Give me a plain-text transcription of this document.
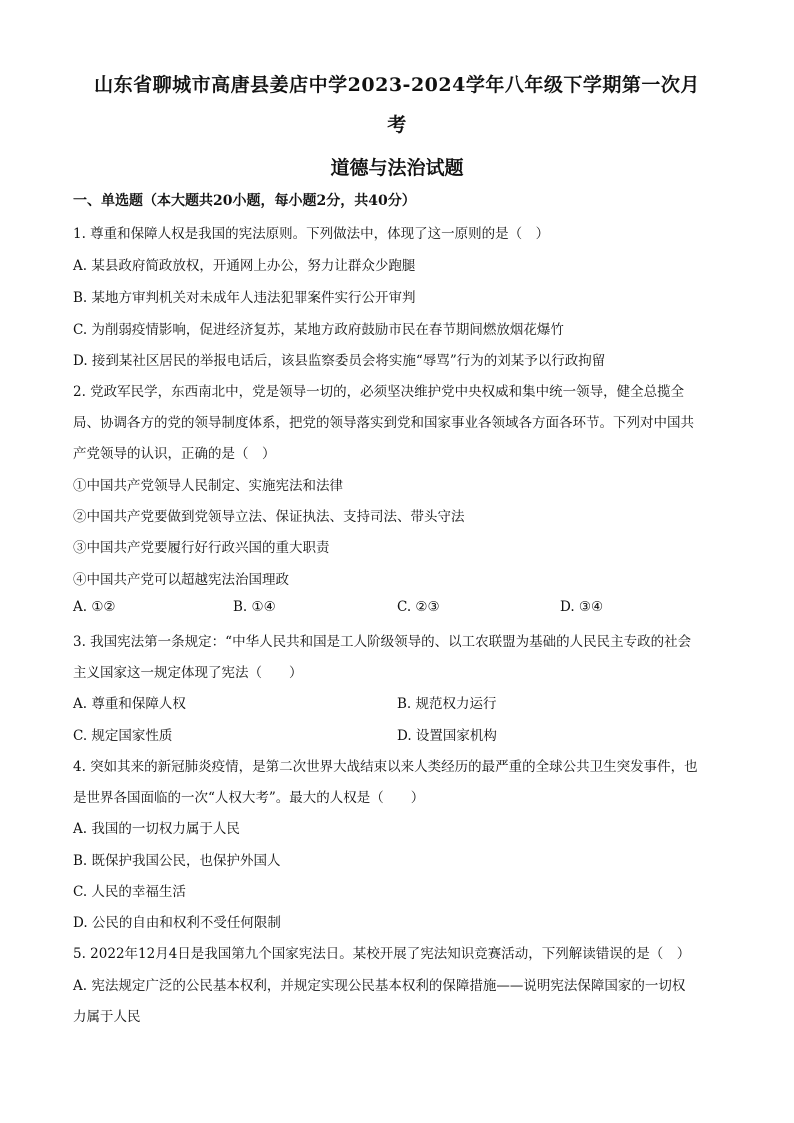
山东省聊城市高唐县姜店中学2023-2024学年八年级下学期第一次月
考
道德与法治试题
一、单选题（本大题共20小题，每小题2分，共40分）
1. 尊重和保障人权是我国的宪法原则。下列做法中，体现了这一原则的是（　）
A. 某县政府简政放权，开通网上办公，努力让群众少跑腿
B. 某地方审判机关对未成年人违法犯罪案件实行公开审判
C. 为削弱疫情影响，促进经济复苏，某地方政府鼓励市民在春节期间燃放烟花爆竹
D. 接到某社区居民的举报电话后，该县监察委员会将实施“辱骂”行为的刘某予以行政拘留
2. 党政军民学，东西南北中，党是领导一切的，必须坚决维护党中央权威和集中统一领导，健全总揽全
局、协调各方的党的领导制度体系，把党的领导落实到党和国家事业各领域各方面各环节。下列对中国共
产党领导的认识，正确的是（　）
①中国共产党领导人民制定、实施宪法和法律
②中国共产党要做到党领导立法、保证执法、支持司法、带头守法
③中国共产党要履行好行政兴国的重大职责
④中国共产党可以超越宪法治国理政
A. ①②	B. ①④	C. ②③	D. ③④
3. 我国宪法第一条规定：“中华人民共和国是工人阶级领导的、以工农联盟为基础的人民民主专政的社会
主义国家这一规定体现了宪法（　　）
A. 尊重和保障人权	B. 规范权力运行
C. 规定国家性质	D. 设置国家机构
4. 突如其来的新冠肺炎疫情，是第二次世界大战结束以来人类经历的最严重的全球公共卫生突发事件，也
是世界各国面临的一次“人权大考”。最大的人权是（　　）
A. 我国的一切权力属于人民
B. 既保护我国公民，也保护外国人
C. 人民的幸福生活
D. 公民的自由和权利不受任何限制
5. 2022年12月4日是我国第九个国家宪法日。某校开展了宪法知识竞赛活动，下列解读错误的是（　）
A. 宪法规定广泛的公民基本权利，并规定实现公民基本权利的保障措施——说明宪法保障国家的一切权
力属于人民
